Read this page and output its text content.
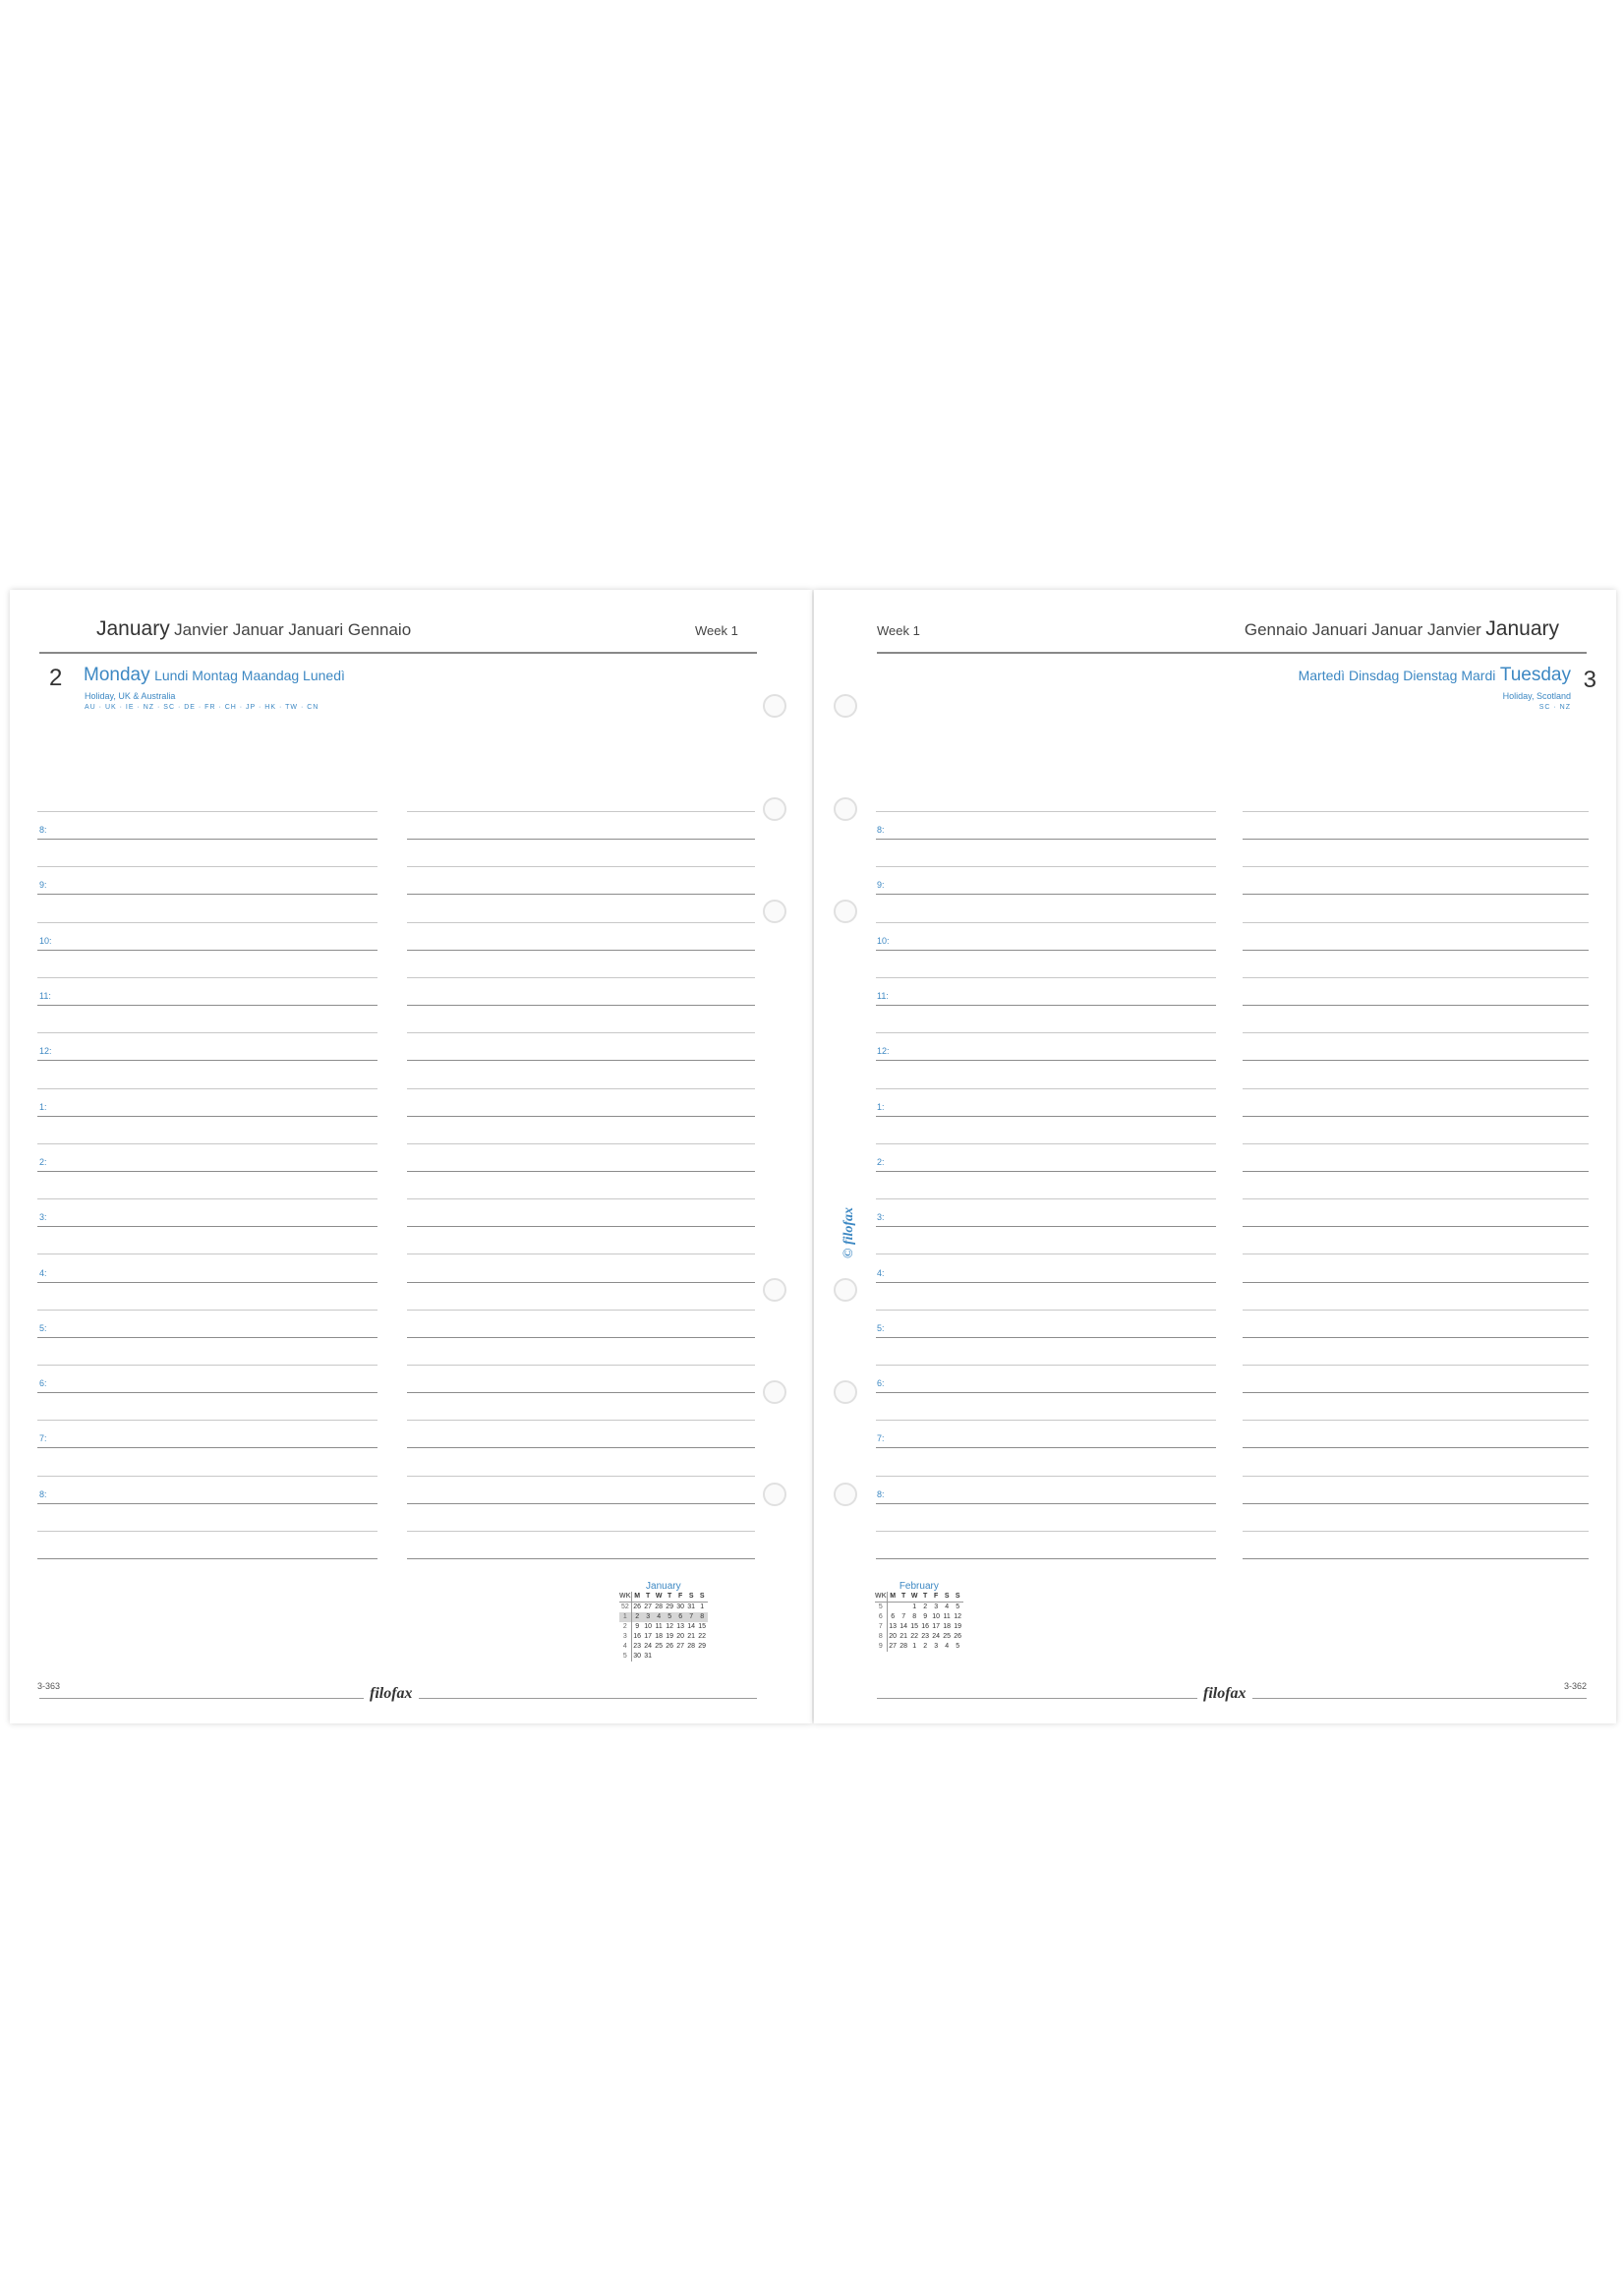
January Janvier Januar Januari Gennaio	Week 1
2 Monday Lundi Montag Maandag Lunedì
Holiday, UK & Australia
AU · UK · IE · NZ · SC · DE · FR · CH · JP · HK · TW · CN
8:
9:
10:
11:
12:
1:
2:
3:
4:
5:
6:
7:
8:
January
WK	M	T	W	T	F	S	S
52	26	27	28	29	30	31	1
1	2	3	4	5	6	7	8
2	9	10	11	12	13	14	15
3	16	17	18	19	20	21	22
4	23	24	25	26	27	28	29
5	30	31					
3-363	filofax
Week 1	Gennaio Januari Januar Janvier January
Martedì Dinsdag Dienstag Mardi Tuesday 3
Holiday, Scotland
SC · NZ
8:
9:
10:
11:
12:
1:
2:
3:
4:
5:
6:
7:
8:
© filofax
February
WK	M	T	W	T	F	S	S
5			1	2	3	4	5
6	6	7	8	9	10	11	12
7	13	14	15	16	17	18	19
8	20	21	22	23	24	25	26
9	27	28	1	2	3	4	5
3-362
filofax
